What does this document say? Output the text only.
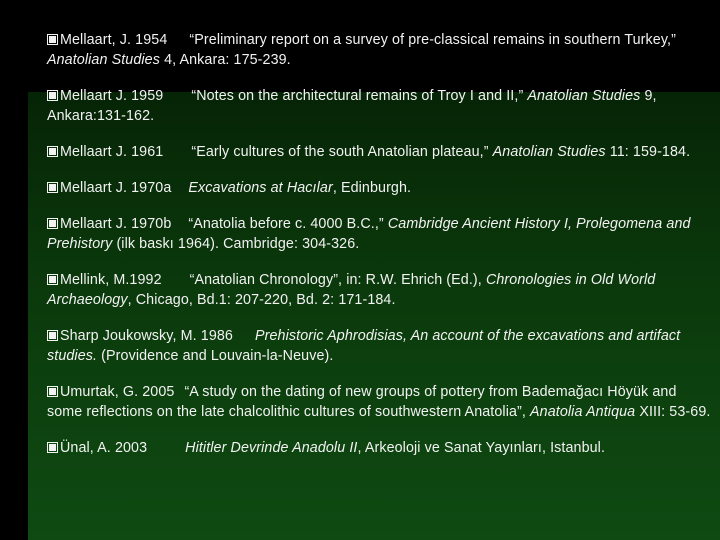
Mellaart, J. 1954 “Preliminary report on a survey of pre-classical remains in southern Turkey,” Anatolian Studies 4, Ankara: 175-239.
Mellaart J. 1959 “Notes on the architectural remains of Troy I and II,” Anatolian Studies 9, Ankara:131-162.
Mellaart J. 1961 “Early cultures of the south Anatolian plateau,” Anatolian Studies 11: 159-184.
Mellaart J. 1970a Excavations at Hacılar, Edinburgh.
Mellaart J. 1970b “Anatolia before c. 4000 B.C.,” Cambridge Ancient History I, Prolegomena and Prehistory (ilk baskı 1964). Cambridge: 304-326.
Mellink, M.1992 “Anatolian Chronology”, in: R.W. Ehrich (Ed.), Chronologies in Old World Archaeology, Chicago, Bd.1: 207-220, Bd. 2: 171-184.
Sharp Joukowsky, M. 1986 Prehistoric Aphrodisias, An account of the excavations and artifact studies. (Providence and Louvain-la-Neuve).
Umurtak, G. 2005 “A study on the dating of new groups of pottery from Bademağacı Höyük and some reflections on the late chalcolithic cultures of southwestern Anatolia”, Anatolia Antiqua XIII: 53-69.
Ünal, A. 2003	Hititler Devrinde Anadolu II, Arkeoloji ve Sanat Yayınları, Istanbul.
